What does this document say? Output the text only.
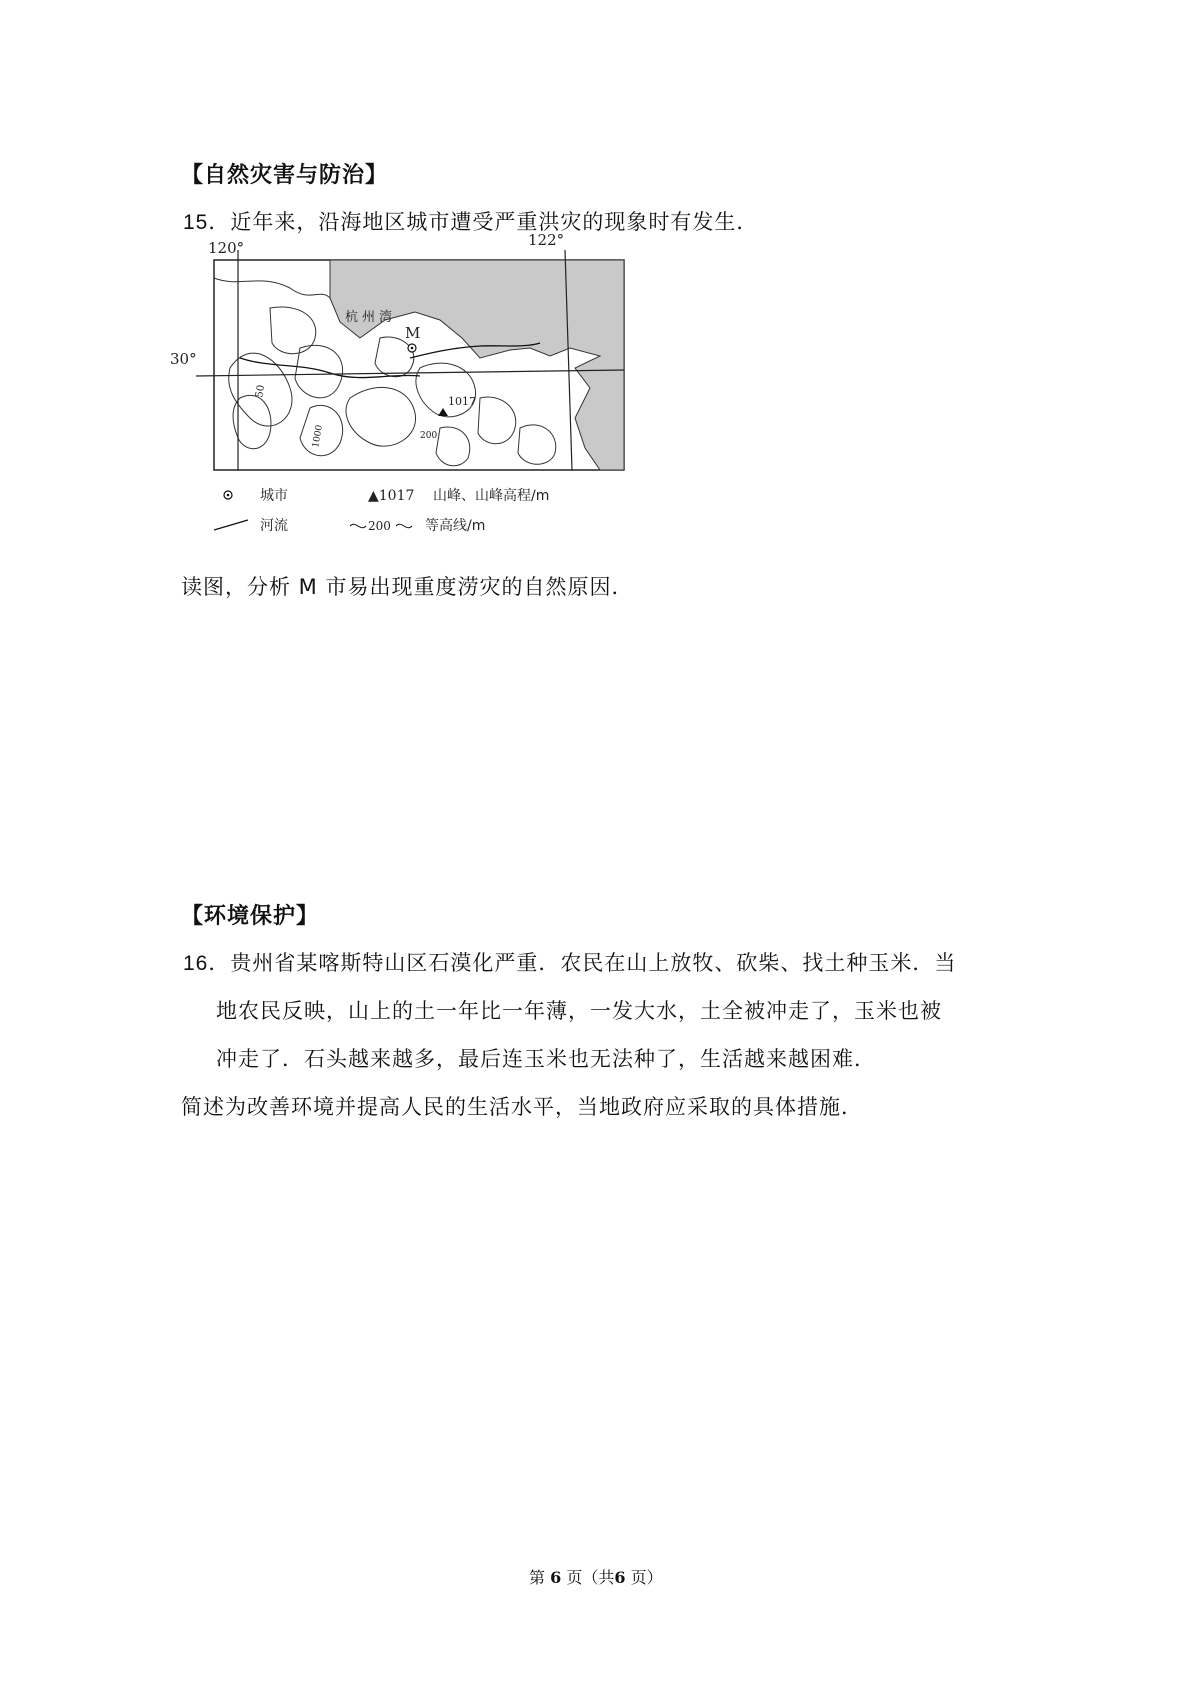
【自然灾害与防治】
15．近年来，沿海地区城市遭受严重洪灾的现象时有发生．
120°	122°
30°
杭州湾
M
1017
50
1000	200
城市	▲1017 山峰、山峰高程/m
河流	200 等高线/m
读图，分析 M 市易出现重度涝灾的自然原因．
【环境保护】
16．贵州省某喀斯特山区石漠化严重．农民在山上放牧、砍柴、找土种玉米．当
地农民反映，山上的土一年比一年薄，一发大水，土全被冲走了，玉米也被
冲走了．石头越来越多，最后连玉米也无法种了，生活越来越困难．
简述为改善环境并提高人民的生活水平，当地政府应采取的具体措施．
第 6 页（共6 页）
